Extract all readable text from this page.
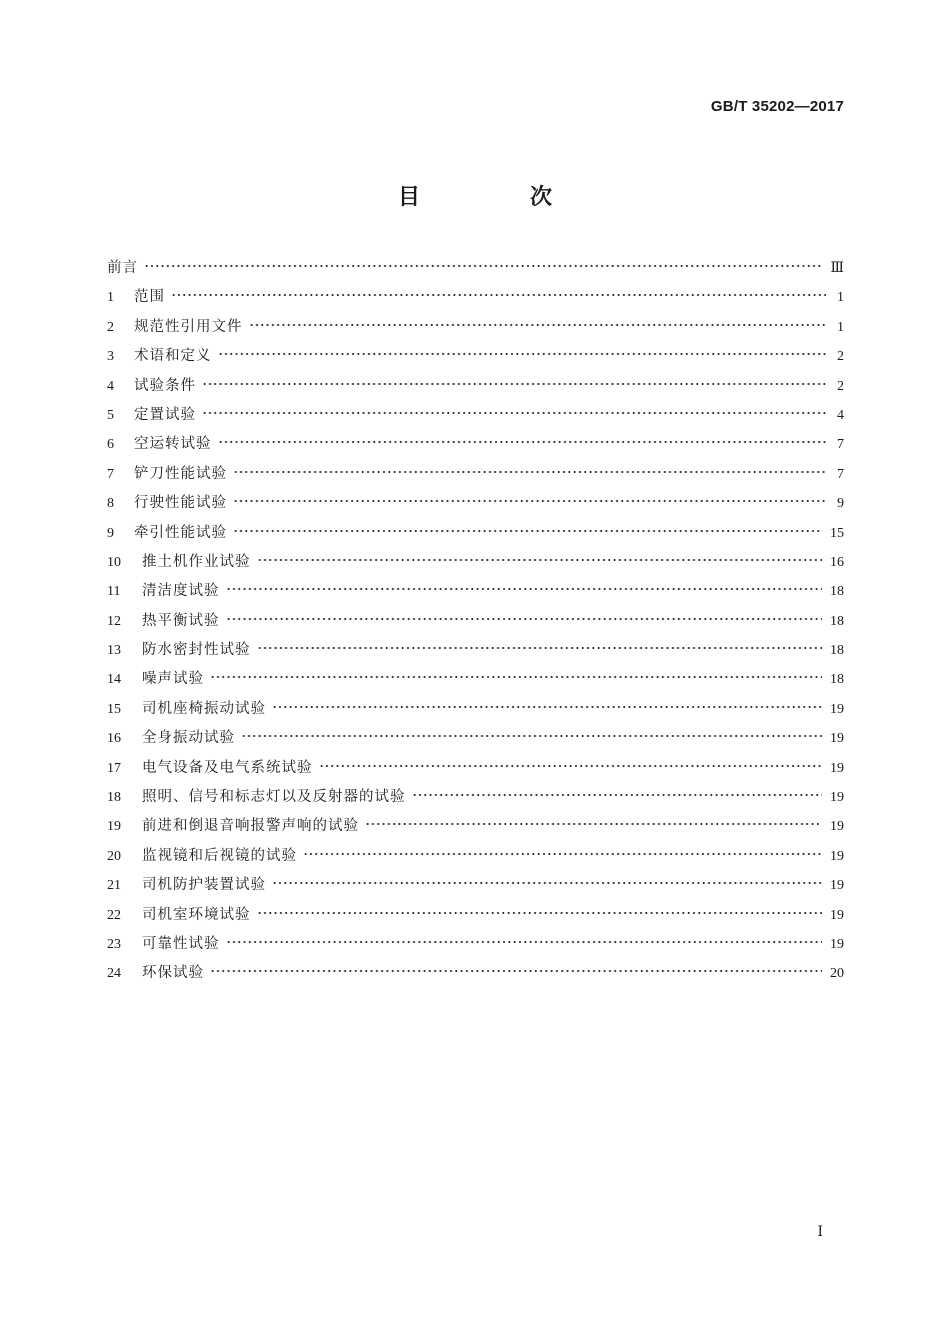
GB/T 35202—2017
目　次
前言	Ⅲ
1	范围	1
2	规范性引用文件	1
3	术语和定义	2
4	试验条件	2
5	定置试验	4
6	空运转试验	7
7	铲刀性能试验	7
8	行驶性能试验	9
9	牵引性能试验	15
10	推土机作业试验	16
11	清洁度试验	18
12	热平衡试验	18
13	防水密封性试验	18
14	噪声试验	18
15	司机座椅振动试验	19
16	全身振动试验	19
17	电气设备及电气系统试验	19
18	照明、信号和标志灯以及反射器的试验	19
19	前进和倒退音响报警声响的试验	19
20	监视镜和后视镜的试验	19
21	司机防护装置试验	19
22	司机室环境试验	19
23	可靠性试验	19
24	环保试验	20
Ⅰ
